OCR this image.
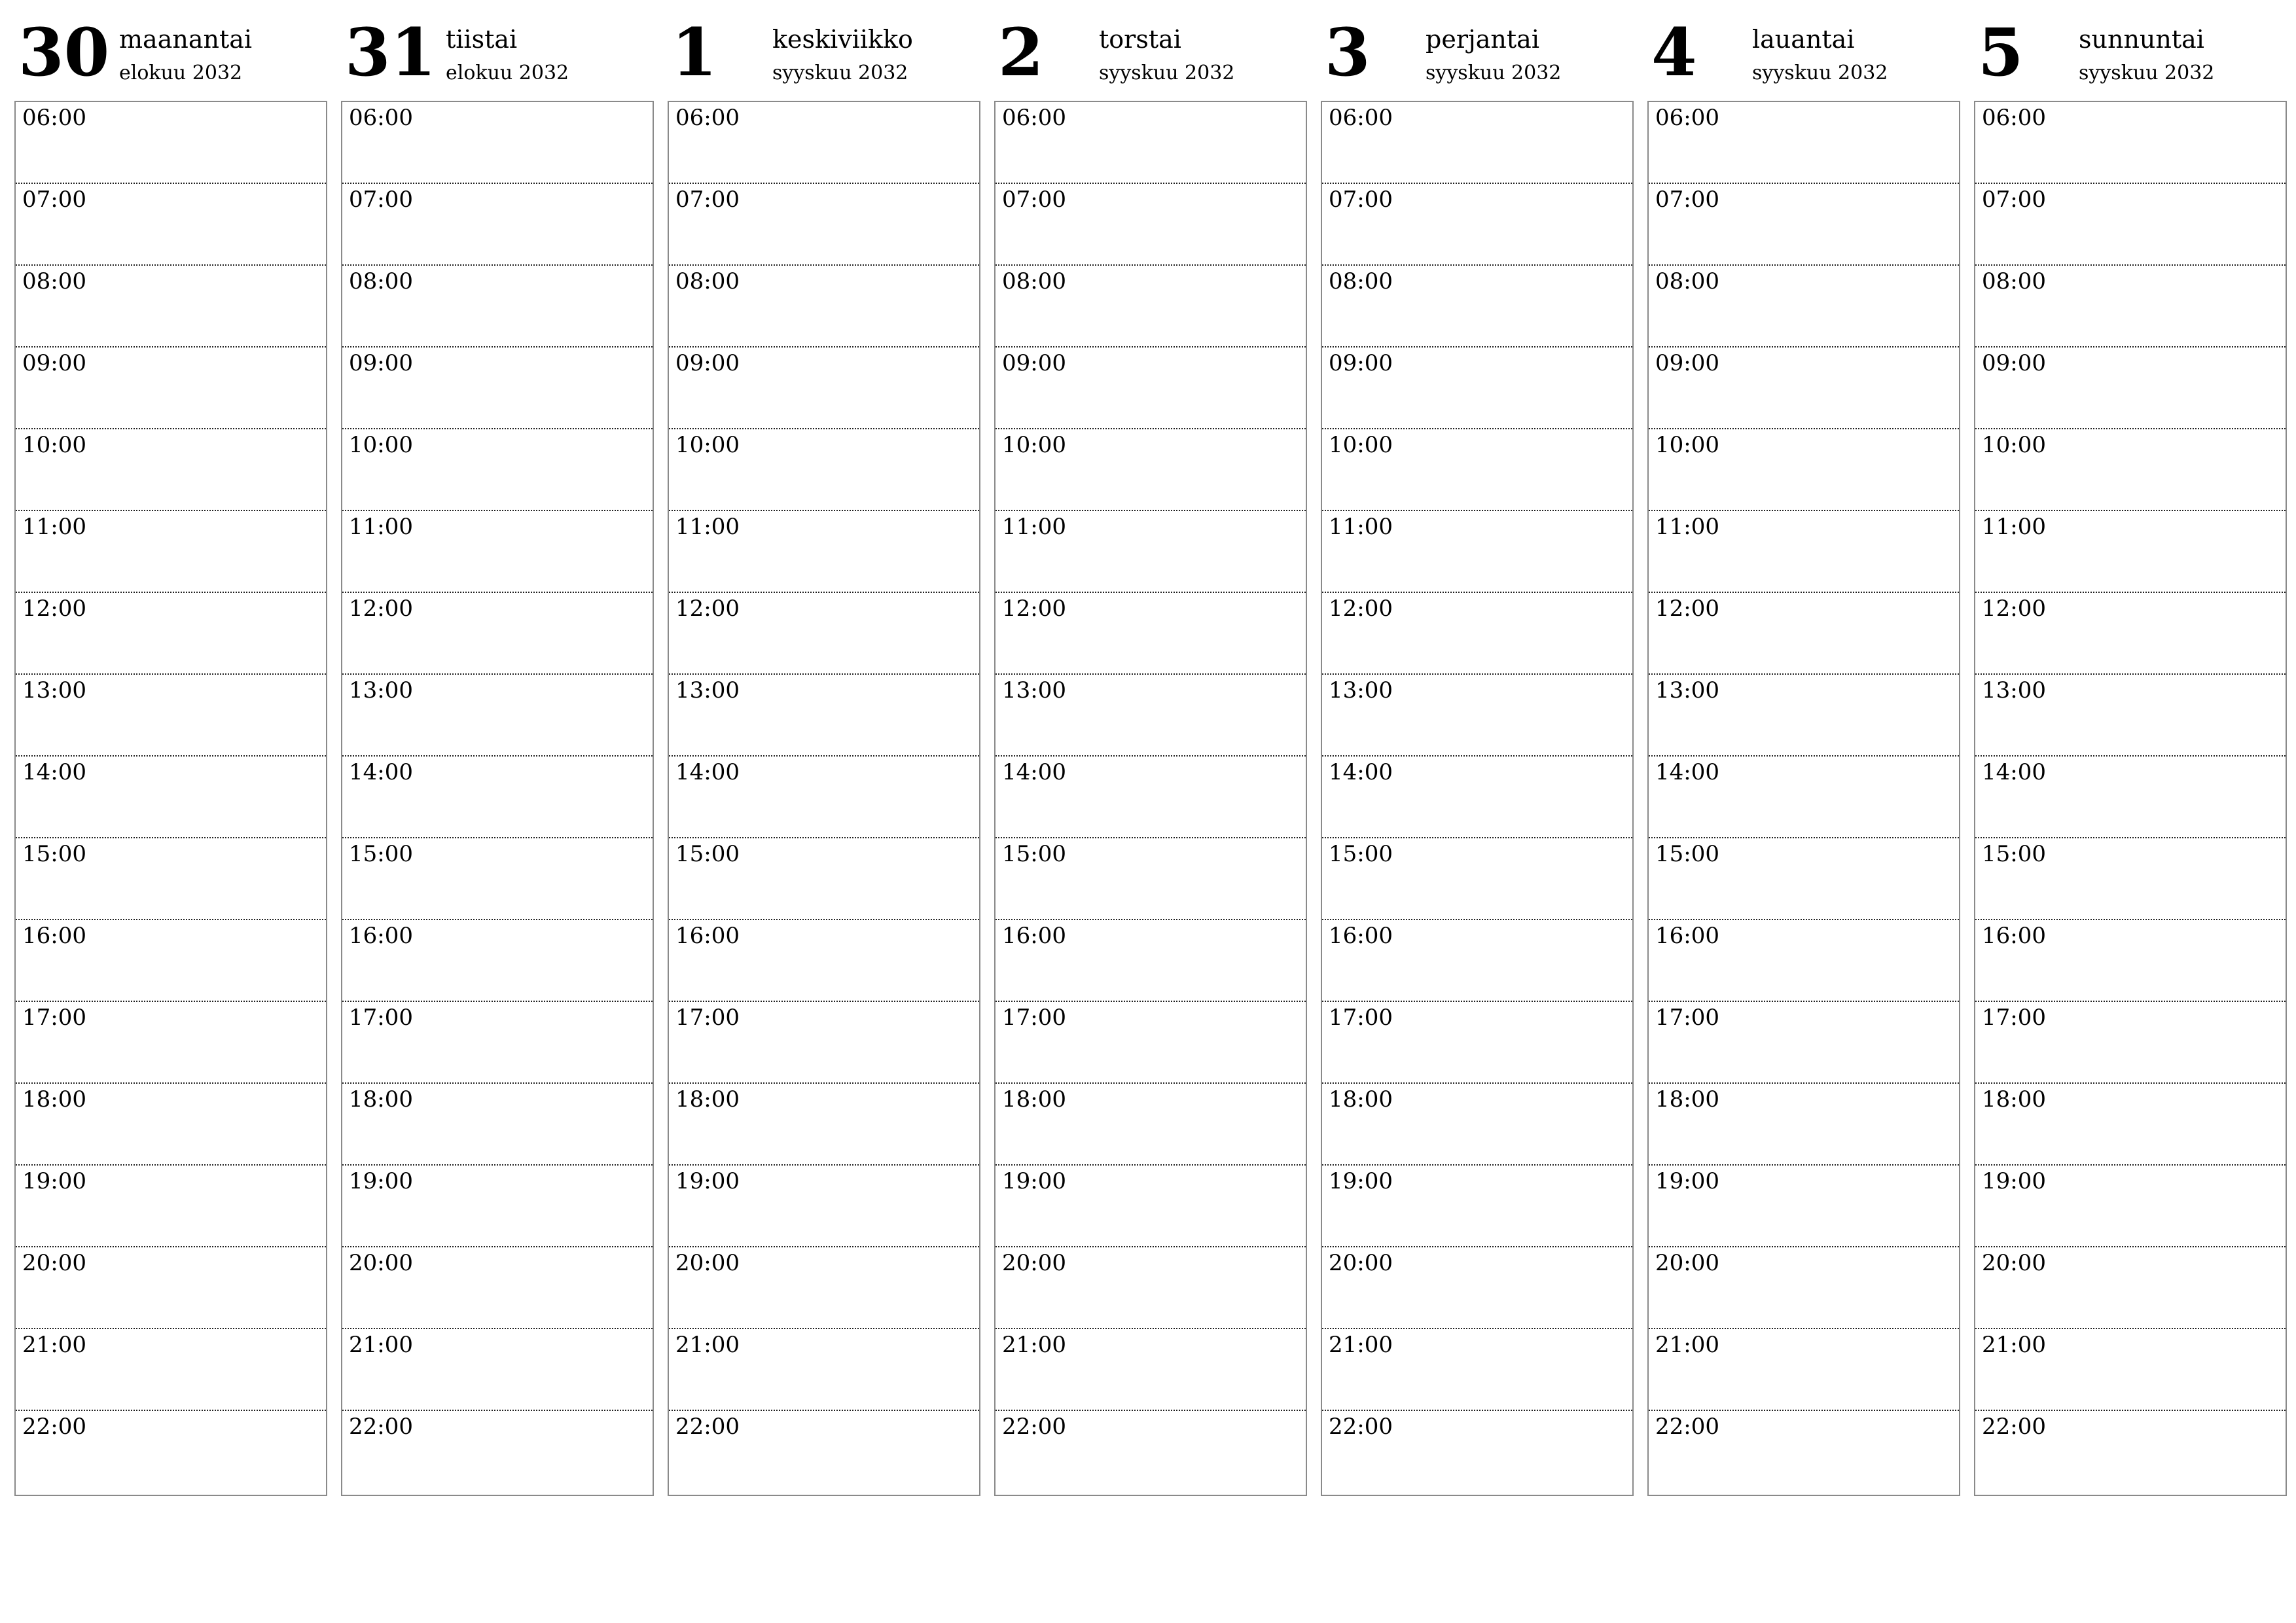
30 maanantai
elokuu 2032
06:00
07:00
08:00
09:00
10:00
11:00
12:00
13:00
14:00
15:00
16:00
17:00
18:00
19:00
20:00
21:00
22:00
31 tiistai
elokuu 2032
06:00
07:00
08:00
09:00
10:00
11:00
12:00
13:00
14:00
15:00
16:00
17:00
18:00
19:00
20:00
21:00
22:00
1 keskiviikko
syyskuu 2032
06:00
07:00
08:00
09:00
10:00
11:00
12:00
13:00
14:00
15:00
16:00
17:00
18:00
19:00
20:00
21:00
22:00
2 torstai
syyskuu 2032
06:00
07:00
08:00
09:00
10:00
11:00
12:00
13:00
14:00
15:00
16:00
17:00
18:00
19:00
20:00
21:00
22:00
3 perjantai
syyskuu 2032
06:00
07:00
08:00
09:00
10:00
11:00
12:00
13:00
14:00
15:00
16:00
17:00
18:00
19:00
20:00
21:00
22:00
4 lauantai
syyskuu 2032
06:00
07:00
08:00
09:00
10:00
11:00
12:00
13:00
14:00
15:00
16:00
17:00
18:00
19:00
20:00
21:00
22:00
5 sunnuntai
syyskuu 2032
06:00
07:00
08:00
09:00
10:00
11:00
12:00
13:00
14:00
15:00
16:00
17:00
18:00
19:00
20:00
21:00
22:00
